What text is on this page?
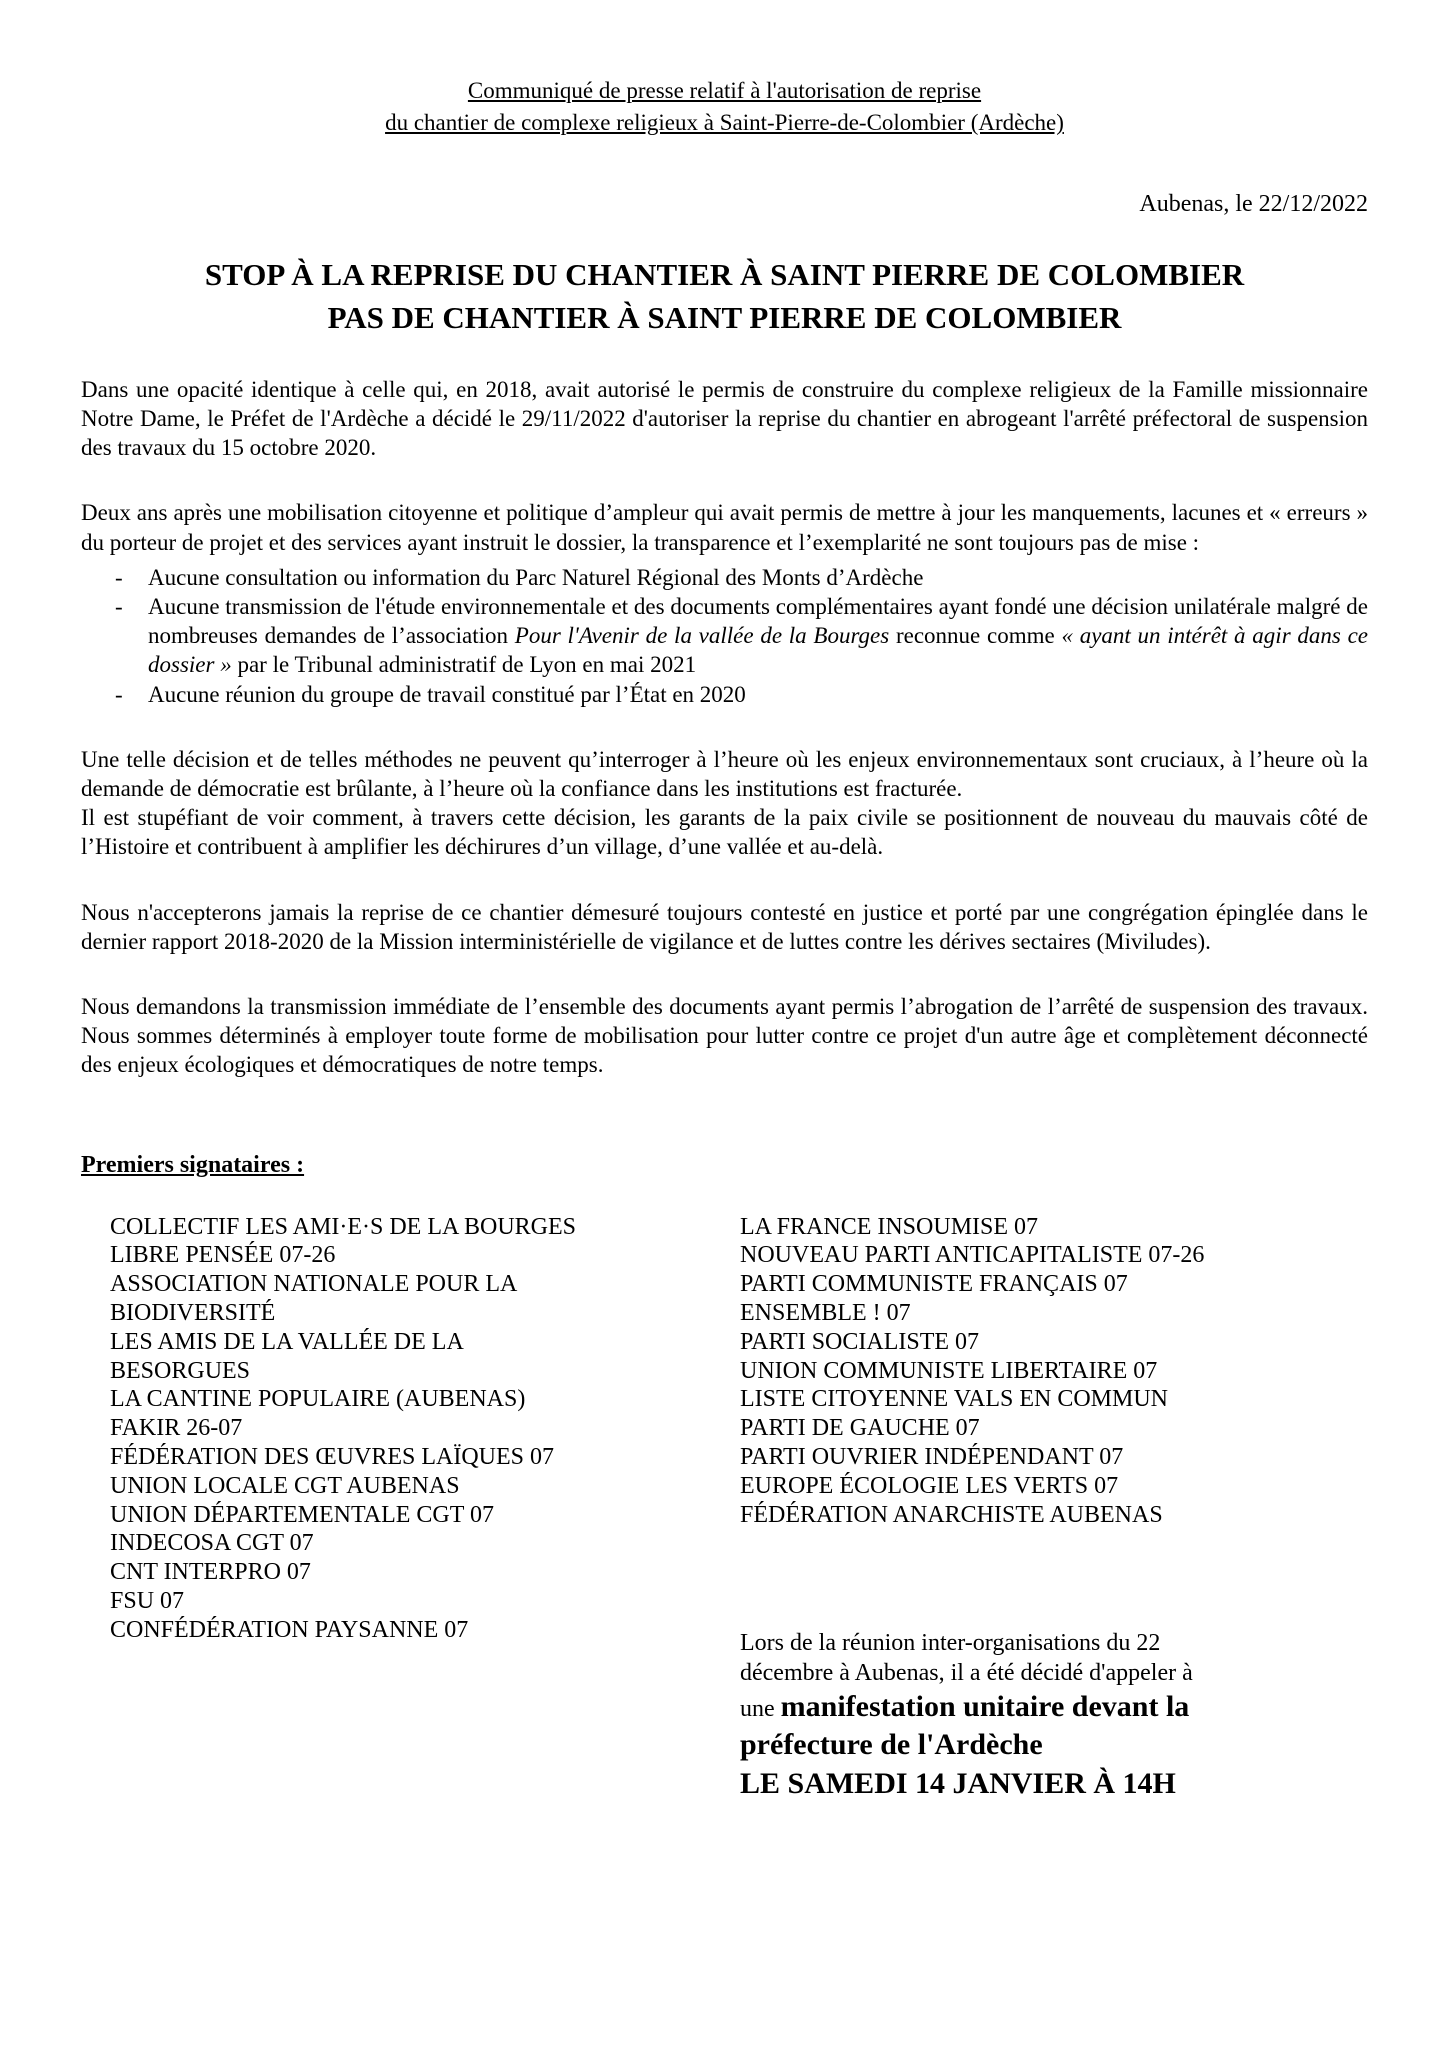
Communiqué de presse relatif à l'autorisation de reprise
du chantier de complexe religieux à Saint-Pierre-de-Colombier (Ardèche)
Aubenas, le 22/12/2022
STOP À LA REPRISE DU CHANTIER À SAINT PIERRE DE COLOMBIER
PAS DE CHANTIER À SAINT PIERRE DE COLOMBIER

Dans une opacité identique à celle qui, en 2018, avait autorisé le permis de construire du complexe religieux de la Famille missionnaire Notre Dame, le Préfet de l'Ardèche a décidé le 29/11/2022 d'autoriser la reprise du chantier en abrogeant l'arrêté préfectoral de suspension des travaux du 15 octobre 2020.

Deux ans après une mobilisation citoyenne et politique d’ampleur qui avait permis de mettre à jour les manquements, lacunes et « erreurs » du porteur de projet et des services ayant instruit le dossier, la transparence et l’exemplarité ne sont toujours pas de mise :

-	Aucune consultation ou information du Parc Naturel Régional des Monts d’Ardèche
-	Aucune transmission de l'étude environnementale et des documents complémentaires ayant fondé une décision unilatérale malgré de nombreuses demandes de l’association Pour l'Avenir de la vallée de la Bourges reconnue comme « ayant un intérêt à agir dans ce dossier » par le Tribunal administratif de Lyon en mai 2021
-	Aucune réunion du groupe de travail constitué par l’État en 2020

Une telle décision et de telles méthodes ne peuvent qu’interroger à l’heure où les enjeux environnementaux sont cruciaux, à l’heure où la demande de démocratie est brûlante, à l’heure où la confiance dans les institutions est fracturée.

Il est stupéfiant de voir comment, à travers cette décision, les garants de la paix civile se positionnent de nouveau du mauvais côté de l’Histoire et contribuent à amplifier les déchirures d’un village, d’une vallée et au-delà.

Nous n'accepterons jamais la reprise de ce chantier démesuré toujours contesté en justice et porté par une congrégation épinglée dans le dernier rapport 2018-2020 de la Mission interministérielle de vigilance et de luttes contre les dérives sectaires (Miviludes).

Nous demandons la transmission immédiate de l’ensemble des documents ayant permis l’abrogation de l’arrêté de suspension des travaux. Nous sommes déterminés à employer toute forme de mobilisation pour lutter contre ce projet d'un autre âge et complètement déconnecté des enjeux écologiques et démocratiques de notre temps.

Premiers signataires :
COLLECTIF LES AMI·E·S DE LA BOURGES
LIBRE PENSÉE 07-26
ASSOCIATION NATIONALE POUR LA BIODIVERSITÉ
LES AMIS DE LA VALLÉE DE LA BESORGUES
LA CANTINE POPULAIRE (AUBENAS)
FAKIR 26-07
FÉDÉRATION DES ŒUVRES LAÏQUES 07
UNION LOCALE CGT AUBENAS
UNION DÉPARTEMENTALE CGT 07
INDECOSA CGT 07
CNT INTERPRO 07
FSU 07
CONFÉDÉRATION PAYSANNE 07
LA FRANCE INSOUMISE 07
NOUVEAU PARTI ANTICAPITALISTE 07-26
PARTI COMMUNISTE FRANÇAIS 07
ENSEMBLE ! 07
PARTI SOCIALISTE 07
UNION COMMUNISTE LIBERTAIRE 07
LISTE CITOYENNE VALS EN COMMUN
PARTI DE GAUCHE 07
PARTI OUVRIER INDÉPENDANT 07
EUROPE ÉCOLOGIE LES VERTS 07
FÉDÉRATION ANARCHISTE AUBENAS
Lors de la réunion inter-organisations du 22 décembre à Aubenas, il a été décidé d'appeler à une manifestation unitaire devant la préfecture de l'Ardèche
LE SAMEDI 14 JANVIER À 14H
